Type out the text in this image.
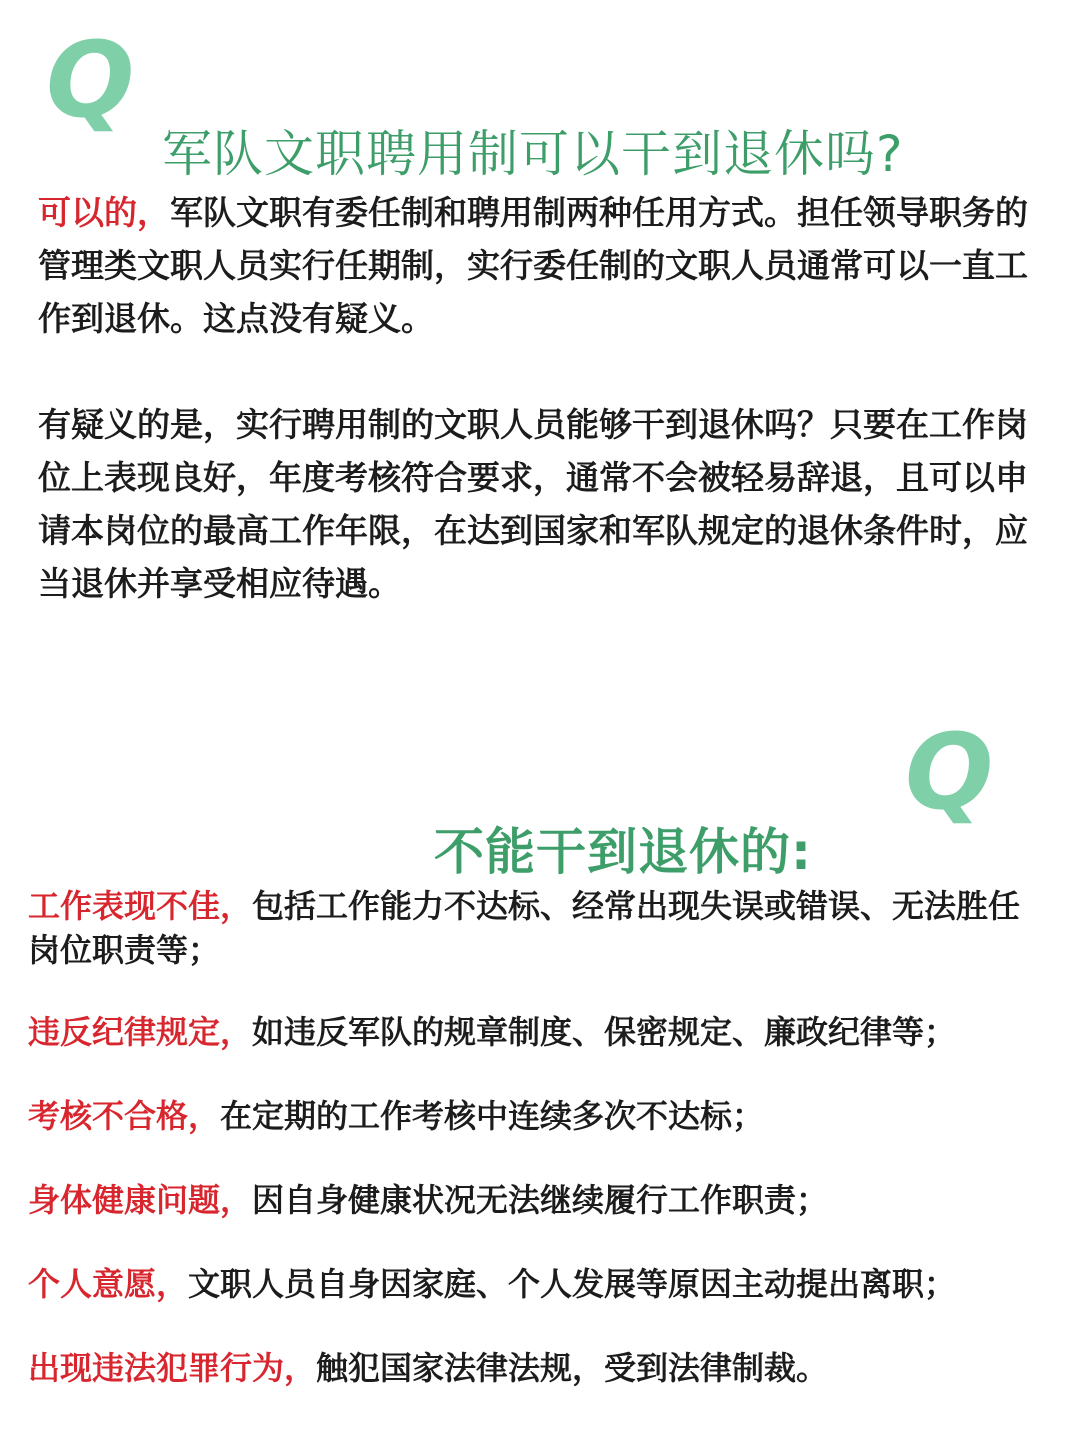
Q
军队文职聘用制可以干到退休吗?

可以的，军队文职有委任制和聘用制两种任用方式。担任领导职务的管理类文职人员实行任期制，实行委任制的文职人员通常可以一直工作到退休。这点没有疑义。

有疑义的是，实行聘用制的文职人员能够干到退休吗？只要在工作岗位上表现良好，年度考核符合要求，通常不会被轻易辞退，且可以申请本岗位的最高工作年限，在达到国家和军队规定的退休条件时，应当退休并享受相应待遇。

不能干到退休的:
Q
工作表现不佳，包括工作能力不达标、经常出现失误或错误、无法胜任岗位职责等；
违反纪律规定，如违反军队的规章制度、保密规定、廉政纪律等；
考核不合格，在定期的工作考核中连续多次不达标；
身体健康问题，因自身健康状况无法继续履行工作职责；
个人意愿，文职人员自身因家庭、个人发展等原因主动提出离职；
出现违法犯罪行为，触犯国家法律法规，受到法律制裁。
